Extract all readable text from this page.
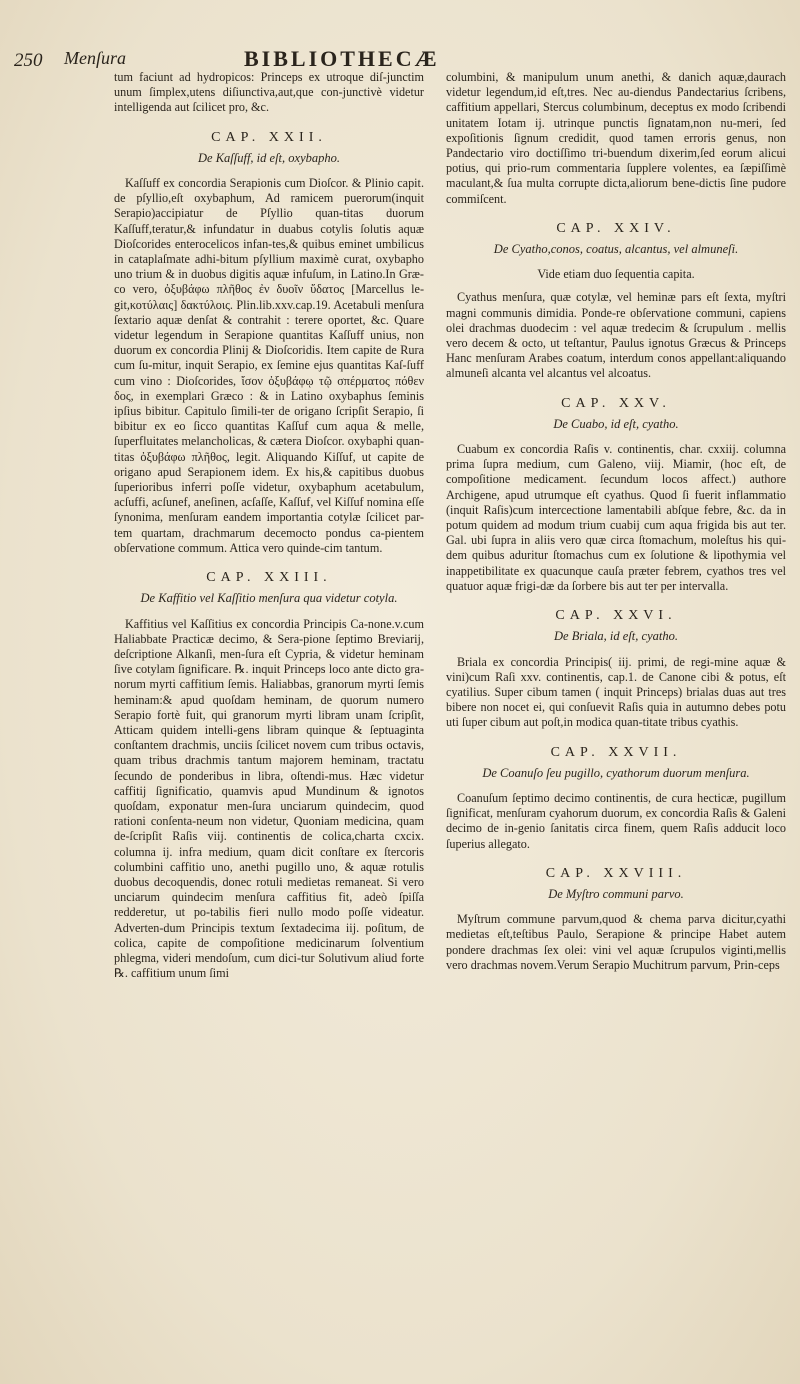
250 Menſura	BIBLIOTHECÆ

tum faciunt ad hydropicos: Princeps ex utroque diſ-junctim unum ſimplex,utens diſiunctiva,aut,que con-junctivè videtur intelligenda aut ſcilicet pro, &c.

CAP. XXII.
De Kaſſuff, id eſt, oxybapho.

Kaſſuff ex concordia Serapionis cum Dioſcor. & Plinio capit. de pſyllio,eſt oxybaphum, Ad ramicem puerorum(inquit Serapio)accipiatur de Pſyllio quan-titas duorum Kaſſuff,teratur,& infundatur in duabus cotylis ſolutis aquæ Dioſcorides enterocelicos infan-tes,& quibus eminet umbilicus in cataplaſmate adhi-bitum pſyllium maximè curat, oxybapho uno trium & in duobus digitis aquæ infuſum, in Latino.In Græ-co vero, ὀξυβάφω πλῆθος ἐν δυοῖν ὕδατος [Marcellus le-git,κοτύλαις] δακτύλοις. Plin.lib.xxv.cap.19. Acetabuli menſura ſextario aquæ denſat & contrahit : terere oportet, &c. Quare videtur legendum in Serapione quantitas Kaſſuff unius, non duorum ex concordia Plinij & Dioſcoridis. Item capite de Rura cum ſu-mitur, inquit Serapio, ex ſemine ejus quantitas Kaſ-ſuff cum vino : Dioſcorides, ἴσον ὀξυβάφῳ τῷ σπέρματος πόθεν δος, in exemplari Græco : & in Latino oxybaphus ſeminis ipſius bibitur. Capitulo ſimili-ter de origano ſcripſit Serapio, ſi bibitur ex eo ſicco quantitas Kaſſuf cum aqua & melle, ſuperfluitates melancholicas, & cætera Dioſcor. oxybaphi quan-titas ὀξυβάφω πλῆθος, legit. Aliquando Kiſſuf, ut capite de origano apud Serapionem idem. Ex his,& capitibus duobus ſuperioribus inferri poſſe videtur, oxybaphum acetabulum, acſuffi, acſunef, aneſinen, acſaſſe, Kaſſuf, vel Kiſſuf nomina eſſe ſynonima, menſuram eandem importantia cotylæ ſcilicet par-tem quartam, drachmarum decemocto pondus ca-pientem obſervatione commum. Attica vero quinde-cim tantum.

CAP. XXIII.
De Kaffitio vel Kaſſitio menſura qua videtur cotyla.

Kaffitius vel Kaſſitius ex concordia Principis Ca-none.v.cum Haliabbate Practicæ decimo, & Sera-pione ſeptimo Breviarij, deſcriptione Alkanſi, men-ſura eſt Cypria, & videtur heminam ſive cotylam ſignificare. ℞. inquit Princeps loco ante dicto gra-norum myrti caffitium ſemis. Haliabbas, granorum myrti ſemis heminam:& apud quoſdam heminam, de quorum numero Serapio fortè fuit, qui granorum myrti libram unam ſcripſit, Atticam quidem intelli-gens libram quinque & ſeptuaginta conſtantem drachmis, unciis ſcilicet novem cum tribus octavis, quam tribus drachmis tantum majorem heminam, tractatu ſecundo de ponderibus in libra, oſtendi-mus. Hæc videtur caffitij ſignificatio, quamvis apud Mundinum & ignotos quoſdam, exponatur men-ſura unciarum quindecim, quod rationi conſenta-neum non videtur, Quoniam medicina, quam de-ſcripſit Raſis viij. continentis de colica,charta cxcix. columna ij. infra medium, quam dicit conſtare ex ſtercoris columbini caffitio uno, anethi pugillo uno, & aquæ rotulis duobus decoquendis, donec rotuli medietas remaneat. Si vero unciarum quindecim menſura caffitius fit, adeò ſpiſſa redderetur, ut po-tabilis fieri nullo modo poſſe videatur. Adverten-dum Principis textum ſextadecima iij. poſitum, de colica, capite de compoſitione medicinarum ſolventium phlegma, videri mendoſum, cum dici-tur Solutivum aliud forte ℞. caffitium unum ſimi

columbini, & manipulum unum anethi, & danich aquæ,daurach videtur legendum,id eſt,tres. Nec au-diendus Pandectarius ſcribens, caffitium appellari, Stercus columbinum, deceptus ex modo ſcribendi unitatem Iotam ij. utrinque punctis ſignatam,non nu-meri, ſed expoſitionis ſignum credidit, quod tamen erroris genus, non Pandectario viro doctiſſimo tri-buendum dixerim,ſed eorum alicui potius, qui prio-rum commentaria ſupplere volentes, ea ſæpiſſimè maculant,& ſua multa corrupte dicta,aliorum bene-dictis ſine pudore commiſcent.

CAP. XXIV.
De Cyatho,conos, coatus, alcantus, vel almuneſi.

Vide etiam duo ſequentia capita.

Cyathus menſura, quæ cotylæ, vel heminæ pars eſt ſexta, myſtri magni communis dimidia. Ponde-re obſervatione communi, capiens olei drachmas duodecim : vel aquæ tredecim & ſcrupulum . mellis vero decem & octo, ut teſtantur, Paulus ignotus Græcus & Princeps Hanc menſuram Arabes coatum, interdum conos appellant:aliquando almuneſi alcanta vel alcantus vel alcoatus.

CAP. XXV.
De Cuabo, id eſt, cyatho.

Cuabum ex concordia Raſis v. continentis, char. cxxiij. columna prima ſupra medium, cum Galeno, viij. Miamir, (hoc eſt, de compoſitione medicament. ſecundum locos affect.) authore Archigene, apud utrumque eſt cyathus. Quod ſi fuerit inflammatio (inquit Raſis)cum intercectione lamentabili abſque febre, &c. da in potum quidem ad modum trium cuabij cum aqua frigida bis aut ter. Gal. ubi ſupra in aliis vero quæ circa ſtomachum, moleſtus his qui-dem quibus aduritur ſtomachus cum ex ſolutione & lipothymia vel inappetibilitate ex quacunque cauſa præter febrem, cyathos tres vel quatuor aquæ frigi-dæ da ſorbere bis aut ter per intervalla.

CAP. XXVI.
De Briala, id eſt, cyatho.

Briala ex concordia Principis( iij. primi, de regi-mine aquæ & vini)cum Raſi xxv. continentis, cap.1. de Canone cibi & potus, eſt cyatilius. Super cibum tamen ( inquit Princeps) brialas duas aut tres bibere non nocet ei, qui conſuevit Raſis quia in autumno debes potu uti ſuper cibum aut poſt,in modica quan-titate tribus cyathis.

CAP. XXVII.
De Coanuſo ſeu pugillo, cyathorum duorum menſura.

Coanuſum ſeptimo decimo continentis, de cura hecticæ, pugillum ſignificat, menſuram cyahorum duorum, ex concordia Raſis & Galeni decimo de in-genio ſanitatis circa finem, quem Raſis adducit loco ſuperius allegato.

CAP. XXVIII.
De Myſtro communi parvo.

Myſtrum commune parvum,quod & chema parva dicitur,cyathi medietas eſt,teſtibus Paulo, Serapione & principe Habet autem pondere drachmas ſex olei: vini vel aquæ ſcrupulos viginti,mellis vero drachmas novem.Verum Serapio Muchitrum parvum, Prin-ceps
